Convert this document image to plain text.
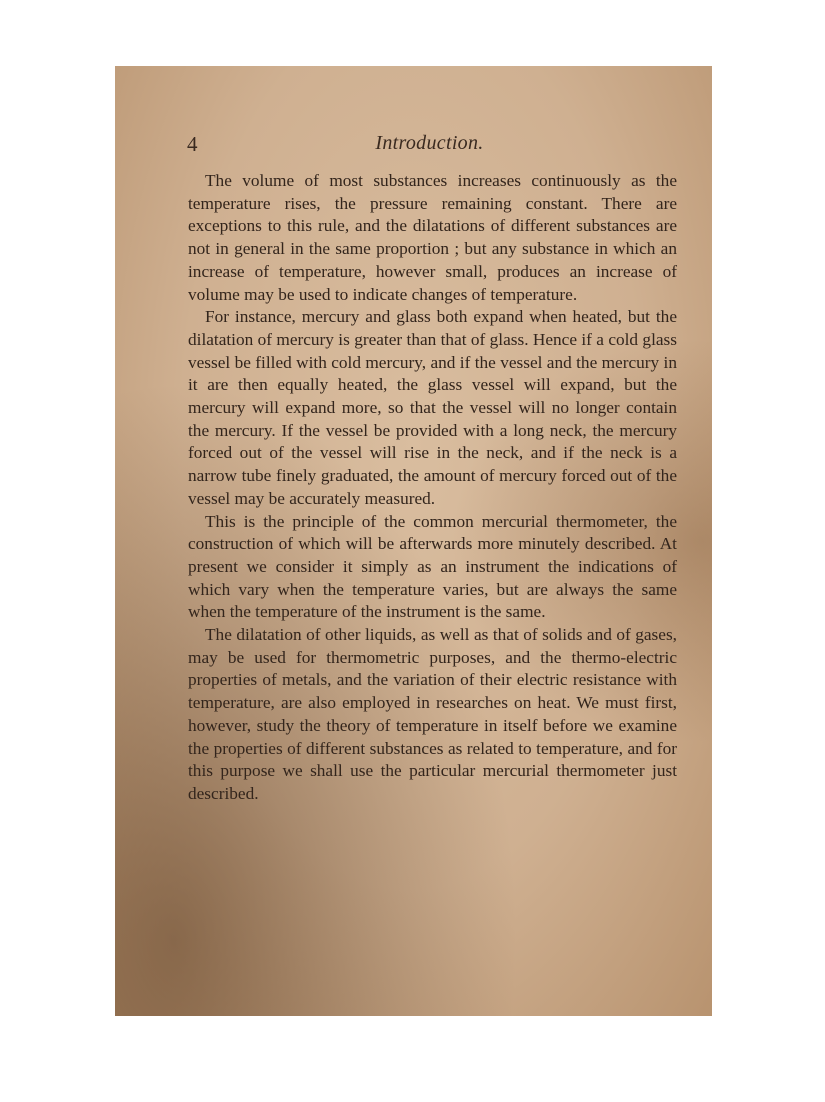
4	Introduction.

The volume of most substances increases continuously as the temperature rises, the pressure remaining constant. There are exceptions to this rule, and the dilatations of different substances are not in general in the same proportion ; but any substance in which an increase of temperature, however small, produces an increase of volume may be used to indicate changes of temperature.

For instance, mercury and glass both expand when heated, but the dilatation of mercury is greater than that of glass. Hence if a cold glass vessel be filled with cold mercury, and if the vessel and the mercury in it are then equally heated, the glass vessel will expand, but the mercury will expand more, so that the vessel will no longer contain the mercury. If the vessel be provided with a long neck, the mercury forced out of the vessel will rise in the neck, and if the neck is a narrow tube finely graduated, the amount of mercury forced out of the vessel may be accurately measured.

This is the principle of the common mercurial thermometer, the construction of which will be afterwards more minutely described. At present we consider it simply as an instrument the indications of which vary when the temperature varies, but are always the same when the temperature of the instrument is the same.

The dilatation of other liquids, as well as that of solids and of gases, may be used for thermometric purposes, and the thermo-electric properties of metals, and the variation of their electric resistance with temperature, are also employed in researches on heat. We must first, however, study the theory of temperature in itself before we examine the properties of different substances as related to temperature, and for this purpose we shall use the particular mercurial thermometer just described.
